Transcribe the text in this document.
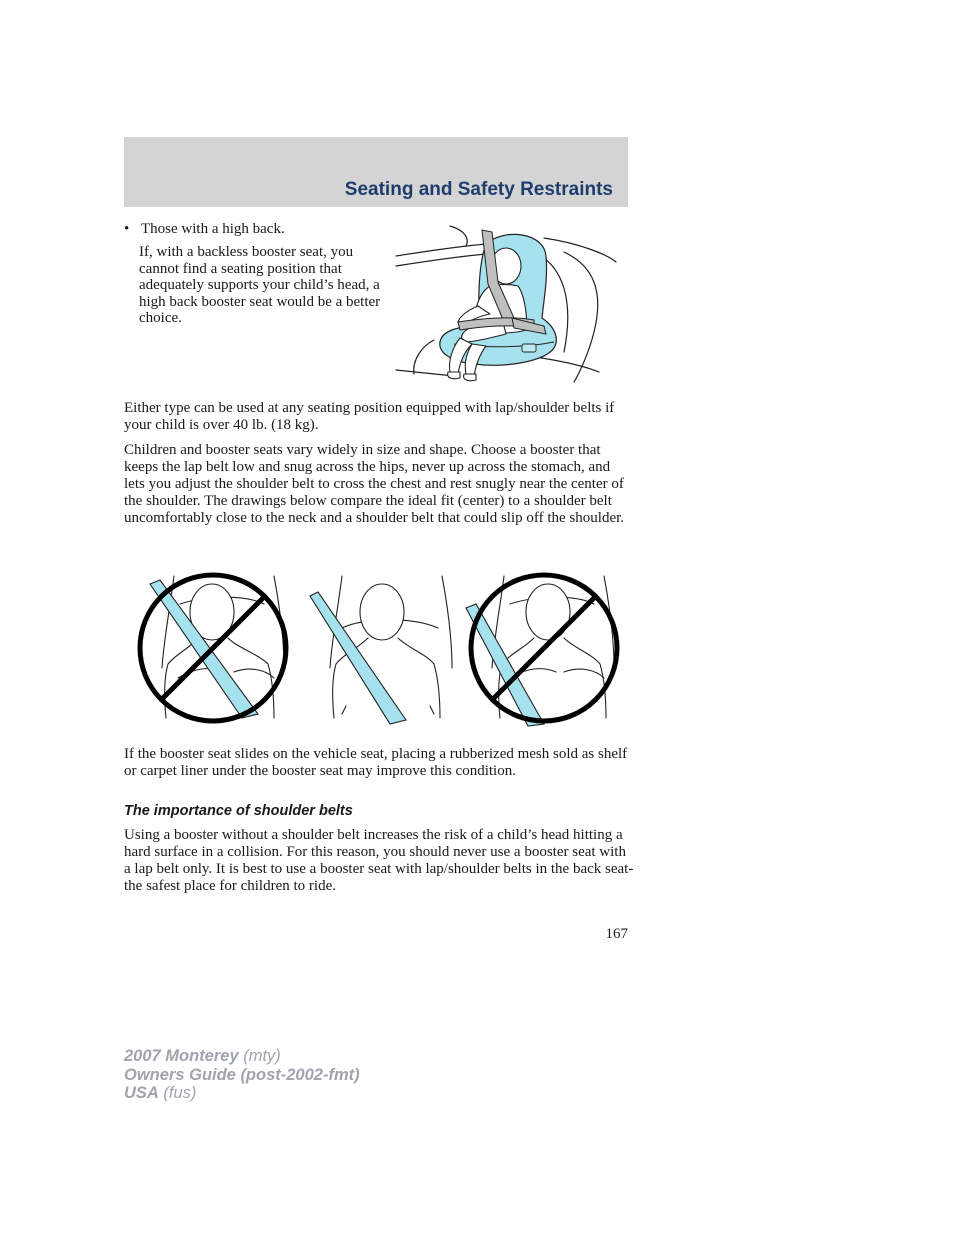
Seating and Safety Restraints
• Those with a high back.

If, with a backless booster seat, you cannot find a seating position that adequately supports your child’s head, a high back booster seat would be a better choice.

Either type can be used at any seating position equipped with lap/shoulder belts if your child is over 40 lb. (18 kg).

Children and booster seats vary widely in size and shape. Choose a booster that keeps the lap belt low and snug across the hips, never up across the stomach, and lets you adjust the shoulder belt to cross the chest and rest snugly near the center of the shoulder. The drawings below compare the ideal fit (center) to a shoulder belt uncomfortably close to the neck and a shoulder belt that could slip off the shoulder.

If the booster seat slides on the vehicle seat, placing a rubberized mesh sold as shelf or carpet liner under the booster seat may improve this condition.

The importance of shoulder belts

Using a booster without a shoulder belt increases the risk of a child’s head hitting a hard surface in a collision. For this reason, you should never use a booster seat with a lap belt only. It is best to use a booster seat with lap/shoulder belts in the back seat- the safest place for children to ride.

167
2007 Monterey (mty)
Owners Guide (post-2002-fmt)
USA (fus)
